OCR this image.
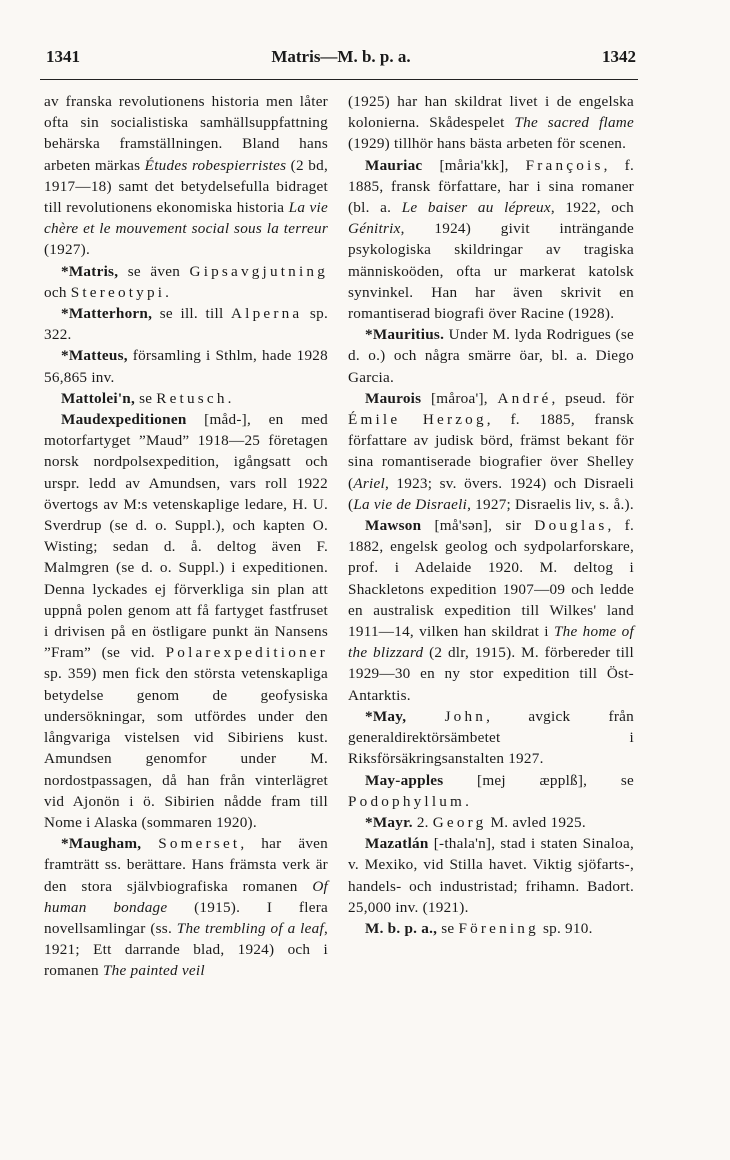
1341	Matris—M. b. p. a.	1342

av franska revolutionens historia men låter ofta sin socialistiska samhällsuppfattning behärska framställningen. Bland hans arbeten märkas Études robespierristes (2 bd, 1917—18) samt det betydelsefulla bidraget till revolutionens ekonomiska historia La vie chère et le mouvement social sous la terreur (1927).

*Matris, se även Gipsavgjutning och Stereotypi.

*Matterhorn, se ill. till Alperna sp. 322.

*Matteus, församling i Sthlm, hade 1928 56,865 inv.

Mattolei'n, se Retusch.

Maudexpeditionen [måd-], en med motorfartyget ”Maud” 1918—25 företagen norsk nordpolsexpedition, igångsatt och urspr. ledd av Amundsen, vars roll 1922 övertogs av M:s vetenskaplige ledare, H. U. Sverdrup (se d. o. Suppl.), och kapten O. Wisting; sedan d. å. deltog även F. Malmgren (se d. o. Suppl.) i expeditionen. Denna lyckades ej förverkliga sin plan att uppnå polen genom att få fartyget fastfruset i drivisen på en östligare punkt än Nansens ”Fram” (se vid. Polarexpeditioner sp. 359) men fick den största vetenskapliga betydelse genom de geofysiska undersökningar, som utfördes under den långvariga vistelsen vid Sibiriens kust. Amundsen genomfor under M. nordostpassagen, då han från vinterlägret vid Ajonön i ö. Sibirien nådde fram till Nome i Alaska (sommaren 1920).

*Maugham, Somerset, har även framträtt ss. berättare. Hans främsta verk är den stora självbiografiska romanen Of human bondage (1915). I flera novellsamlingar (ss. The trembling of a leaf, 1921; Ett darrande blad, 1924) och i romanen The painted veil

(1925) har han skildrat livet i de engelska kolonierna. Skådespelet The sacred flame (1929) tillhör hans bästa arbeten för scenen.

Mauriac [måria'kk], François, f. 1885, fransk författare, har i sina romaner (bl. a. Le baiser au lépreux, 1922, och Génitrix, 1924) givit inträngande psykologiska skildringar av tragiska människoöden, ofta ur markerat katolsk synvinkel. Han har även skrivit en romantiserad biografi över Racine (1928).

*Mauritius. Under M. lyda Rodrigues (se d. o.) och några smärre öar, bl. a. Diego Garcia.

Maurois [måroa'], André, pseud. för Émile Herzog, f. 1885, fransk författare av judisk börd, främst bekant för sina romantiserade biografier över Shelley (Ariel, 1923; sv. övers. 1924) och Disraeli (La vie de Disraeli, 1927; Disraelis liv, s. å.).

Mawson [må'sən], sir Douglas, f. 1882, engelsk geolog och sydpolarforskare, prof. i Adelaide 1920. M. deltog i Shackletons expedition 1907—09 och ledde en australisk expedition till Wilkes' land 1911—14, vilken han skildrat i The home of the blizzard (2 dlr, 1915). M. förbereder till 1929—30 en ny stor expedition till Öst-Antarktis.

*May,	John, avgick från generaldirektörsämbetet i Riksförsäkringsanstalten 1927.

May-apples [mej æpplß], se Podophyllum.

*Mayr. 2. Georg M. avled 1925.

Mazatlán [-thala'n], stad i staten Sinaloa, v. Mexiko, vid Stilla havet. Viktig sjöfarts-, handels- och industristad; frihamn. Badort. 25,000 inv. (1921).

M. b. p. a., se Förening sp. 910.
